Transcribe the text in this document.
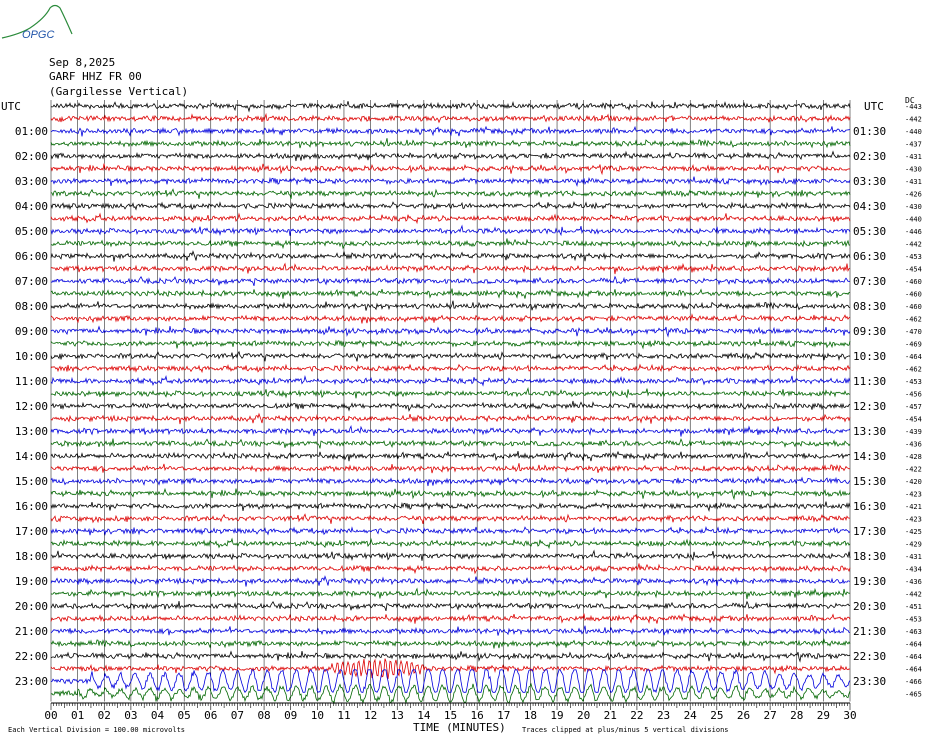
OPGC
Sep 8,2025
GARF HHZ FR 00
(Gargilesse Vertical)
UTC	UTC	DC
00 01 02 03 04 05 06 07 08 09 10 11 12 13 14 15 16 17 18 19 20 21 22 23 24 25 26 27 28 29 30
-443
-442
-440
-437
-431
-430
-431
-426
-430
-440
-446
-442
-453
-454
-460
-460
-460
-462
-470
-469
-464
-462
-453
-456
-457
-454
-439
-436
-428
-422
-420
-423
-421
-423
-425
-429
-431
-434
-436
-442
-451
-453
-463
-464
-464
-464
-466
-465
01:00
02:00
03:00
04:00
05:00
06:00
07:00
08:00
09:00
10:00
11:00
12:00
13:00
14:00
15:00
16:00
17:00
18:00
19:00
20:00
21:00
22:00
23:00
01:30
02:30
03:30
04:30
05:30
06:30
07:30
08:30
09:30
10:30
11:30
12:30
13:30
14:30
15:30
16:30
17:30
18:30
19:30
20:30
21:30
22:30
23:30
Each Vertical Division = 100.00 microvolts	TIME (MINUTES) Traces clipped at plus/minus 5 vertical divisions
